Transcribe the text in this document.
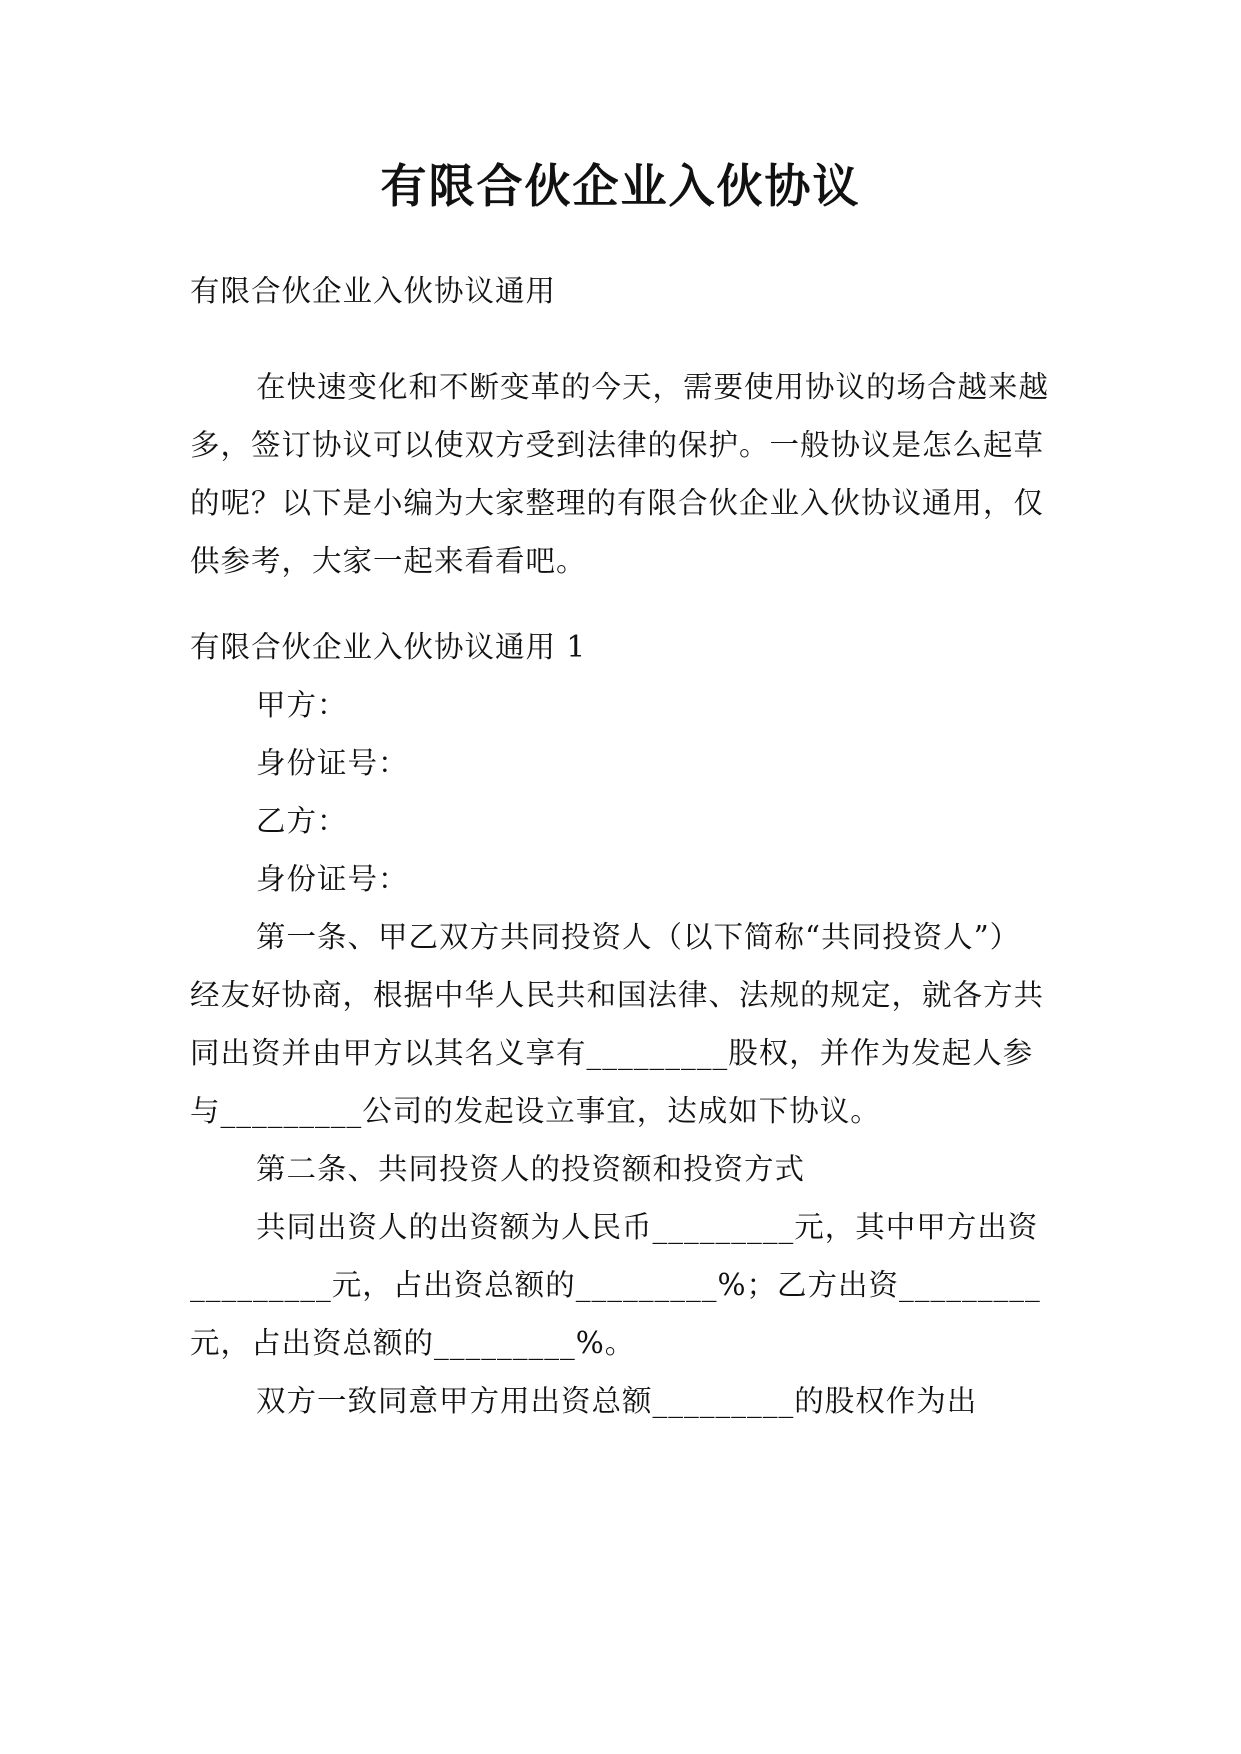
有限合伙企业入伙协议

有限合伙企业入伙协议通用

在快速变化和不断变革的今天，需要使用协议的场合越来越多，签订协议可以使双方受到法律的保护。一般协议是怎么起草的呢？以下是小编为大家整理的有限合伙企业入伙协议通用，仅供参考，大家一起来看看吧。

有限合伙企业入伙协议通用 1

甲方：

身份证号：

乙方：

身份证号：

第一条、甲乙双方共同投资人（以下简称“共同投资人”）经友好协商，根据中华人民共和国法律、法规的规定，就各方共同出资并由甲方以其名义享有_________股权，并作为发起人参与_________公司的发起设立事宜，达成如下协议。

第二条、共同投资人的投资额和投资方式

共同出资人的出资额为人民币_________元，其中甲方出资_________元，占出资总额的_________%；乙方出资_________元，占出资总额的_________%。

双方一致同意甲方用出资总额_________的股权作为出
